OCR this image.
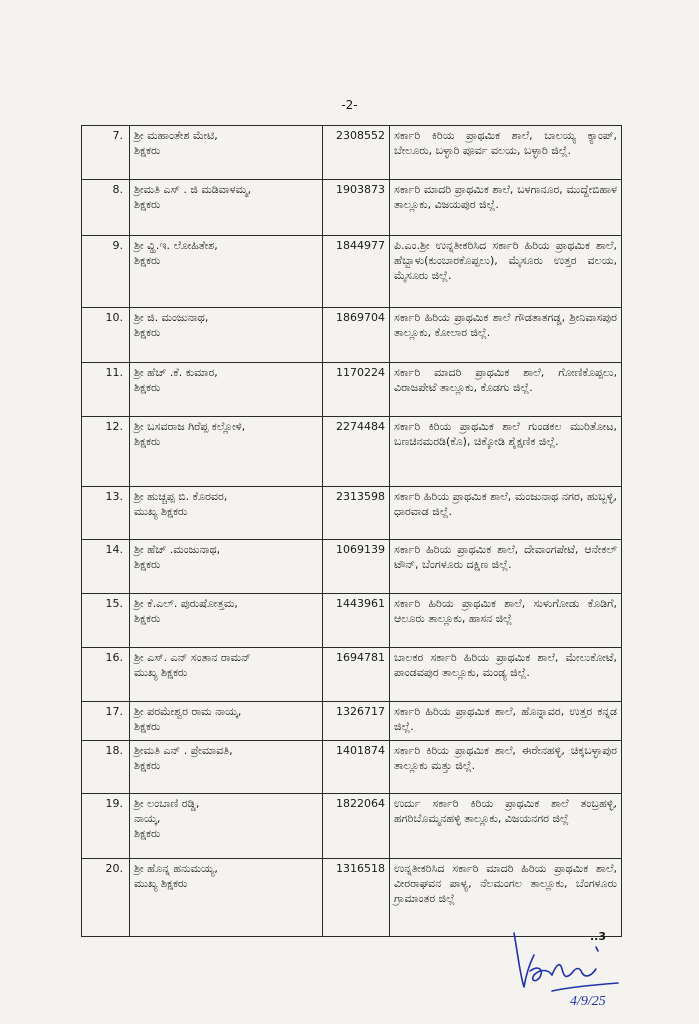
-2-
7.	ಶ್ರೀ ಮಹಾಂತೇಶ ಮೇಟಿ,
ಶಿಕ್ಷಕರು	2308552	ಸರ್ಕಾರಿ ಕಿರಿಯ ಪ್ರಾಥಮಿಕ ಶಾಲೆ, ಬಾಲಯ್ಯ ಕ್ಯಾಂಪ್, ಬೇಲೂರು, ಬಳ್ಳಾರಿ ಪೂರ್ವ ವಲಯ, ಬಳ್ಳಾರಿ ಜಿಲ್ಲೆ.
8.	ಶ್ರೀಮತಿ ಎಸ್ . ಜಿ ಮಡಿವಾಳಮ್ಮ,
ಶಿಕ್ಷಕರು	1903873	ಸರ್ಕಾರಿ ಮಾದರಿ ಪ್ರಾಥಮಿಕ ಶಾಲೆ, ಬಳಗಾನೂರ, ಮುದ್ದೇಬಿಹಾಳ ತಾಲ್ಲೂಕು, ವಿಜಯಪುರ ಜಿಲ್ಲೆ.
9.	ಶ್ರೀ ವ್ಹಿ.ಇ. ಲೋಹಿತೇಶ,
ಶಿಕ್ಷಕರು	1844977	ಪಿ.ಎಂ.ಶ್ರೀ ಉನ್ನತೀಕರಿಸಿದ ಸರ್ಕಾರಿ ಹಿರಿಯ ಪ್ರಾಥಮಿಕ ಶಾಲೆ, ಹೆಬ್ಬಾಳು(ಕುಂಬಾರಕೊಪ್ಪಲು), ಮೈಸೂರು ಉತ್ತರ ವಲಯ, ಮೈಸೂರು ಜಿಲ್ಲೆ.
10.	ಶ್ರೀ ಜಿ. ಮಂಜುನಾಥ,
ಶಿಕ್ಷಕರು	1869704	ಸರ್ಕಾರಿ ಹಿರಿಯ ಪ್ರಾಥಮಿಕ ಶಾಲೆ ಗೌಡತಾತಗಡ್ಡ, ಶ್ರೀನಿವಾಸಪುರ ತಾಲ್ಲೂಕು, ಕೋಲಾರ ಜಿಲ್ಲೆ.
11.	ಶ್ರೀ ಹೆಚ್ .ಕೆ. ಕುಮಾರ,
ಶಿಕ್ಷಕರು	1170224	ಸರ್ಕಾರಿ ಮಾದರಿ ಪ್ರಾಥಮಿಕ ಶಾಲೆ, ಗೋಣಿಕೊಪ್ಪಲು, ವಿರಾಜಪೇಟೆ ತಾಲ್ಲೂಕು, ಕೊಡಗು ಜಿಲ್ಲೆ.
12.	ಶ್ರೀ ಬಸವರಾಜ ಗಿರೆಪ್ಪ ಕಲ್ಲೋಳಿ,
ಶಿಕ್ಷಕರು	2274484	ಸರ್ಕಾರಿ ಕಿರಿಯ ಪ್ರಾಥಮಿಕ ಶಾಲೆ ಗುಂಡಕಲ ಮುರಿತೋಟ, ಬಣಚಿನಮರಡಿ(ಕೊ), ಚಿಕ್ಕೋಡಿ ಶೈಕ್ಷಣಿಕ ಜಿಲ್ಲೆ.
13.	ಶ್ರೀ ಹುಚ್ಚಪ್ಪ ಬಿ. ಕೊರವರ,
ಮುಖ್ಯ ಶಿಕ್ಷಕರು	2313598	ಸರ್ಕಾರಿ ಹಿರಿಯ ಪ್ರಾಥಮಿಕ ಶಾಲೆ, ಮಂಜುನಾಥ ನಗರ, ಹುಬ್ಬಳ್ಳಿ, ಧಾರವಾಡ ಜಿಲ್ಲೆ.
14.	ಶ್ರೀ ಹೆಚ್ .ಮಂಜುನಾಥ,
ಶಿಕ್ಷಕರು	1069139	ಸರ್ಕಾರಿ ಹಿರಿಯ ಪ್ರಾಥಮಿಕ ಶಾಲೆ, ದೇವಾಂಗಪೇಟೆ, ಆನೇಕಲ್ ಟೌನ್, ಬೆಂಗಳೂರು ದಕ್ಷಿಣ ಜಿಲ್ಲೆ.
15.	ಶ್ರೀ ಕೆ.ಎಲ್. ಪುರುಷೋತ್ತಮ,
ಶಿಕ್ಷಕರು	1443961	ಸರ್ಕಾರಿ ಹಿರಿಯ ಪ್ರಾಥಮಿಕ ಶಾಲೆ, ಸುಳುಗೋಡು ಕೊಡಿಗೆ, ಆಲೂರು ತಾಲ್ಲೂಕು, ಹಾಸನ ಜಿಲ್ಲೆ
16.	ಶ್ರೀ ಎಸ್. ಎನ್ ಸಂತಾನ ರಾಮನ್
ಮುಖ್ಯ ಶಿಕ್ಷಕರು	1694781	ಬಾಲಕರ ಸರ್ಕಾರಿ ಹಿರಿಯ ಪ್ರಾಥಮಿಕ ಶಾಲೆ, ಮೇಲುಕೋಟೆ, ಪಾಂಡವಪುರ ತಾಲ್ಲೂಕು, ಮಂಡ್ಯ ಜಿಲ್ಲೆ.
17.	ಶ್ರೀ ಪರಮೇಶ್ವರ ರಾಮ ನಾಯ್ಕ,
ಶಿಕ್ಷಕರು	1326717	ಸರ್ಕಾರಿ ಹಿರಿಯ ಪ್ರಾಥಮಿಕ ಶಾಲೆ, ಹೊನ್ನಾವರ, ಉತ್ತರ ಕನ್ನಡ ಜಿಲ್ಲೆ.
18.	ಶ್ರೀಮತಿ ಎನ್ . ಪ್ರೇಮಾವತಿ,
ಶಿಕ್ಷಕರು	1401874	ಸರ್ಕಾರಿ ಕಿರಿಯ ಪ್ರಾಥಮಿಕ ಶಾಲೆ, ಈರೇನಹಳ್ಳಿ, ಚಿಕ್ಕಬಳ್ಳಾಪುರ ತಾಲ್ಲೂಕು ಮತ್ತು ಜಿಲ್ಲೆ.
19.	ಶ್ರೀ ಲಂಬಾಣಿ ರಡ್ಡಿ,
ನಾಯ್ಕ,
ಶಿಕ್ಷಕರು	1822064	ಉರ್ದು ಸರ್ಕಾರಿ ಕಿರಿಯ ಪ್ರಾಥಮಿಕ ಶಾಲೆ ತಂಬ್ರಹಳ್ಳಿ, ಹಗರಿಬೊಮ್ಮನಹಳ್ಳಿ ತಾಲ್ಲೂಕು, ವಿಜಯನಗರ ಜಿಲ್ಲೆ
20.	ಶ್ರೀ ಹೊನ್ನ ಹನುಮಯ್ಯ,
ಮುಖ್ಯ ಶಿಕ್ಷಕರು	1316518	ಉನ್ನತೀಕರಿಸಿದ ಸರ್ಕಾರಿ ಮಾದರಿ ಹಿರಿಯ ಪ್ರಾಥಮಿಕ ಶಾಲೆ, ವೀರರಾಘವನ ಪಾಳ್ಯ, ನೆಲಮಂಗಲ ತಾಲ್ಲೂಕು, ಬೆಂಗಳೂರು ಗ್ರಾಮಾಂತರ ಜಿಲ್ಲೆ
..3
4/9/25
